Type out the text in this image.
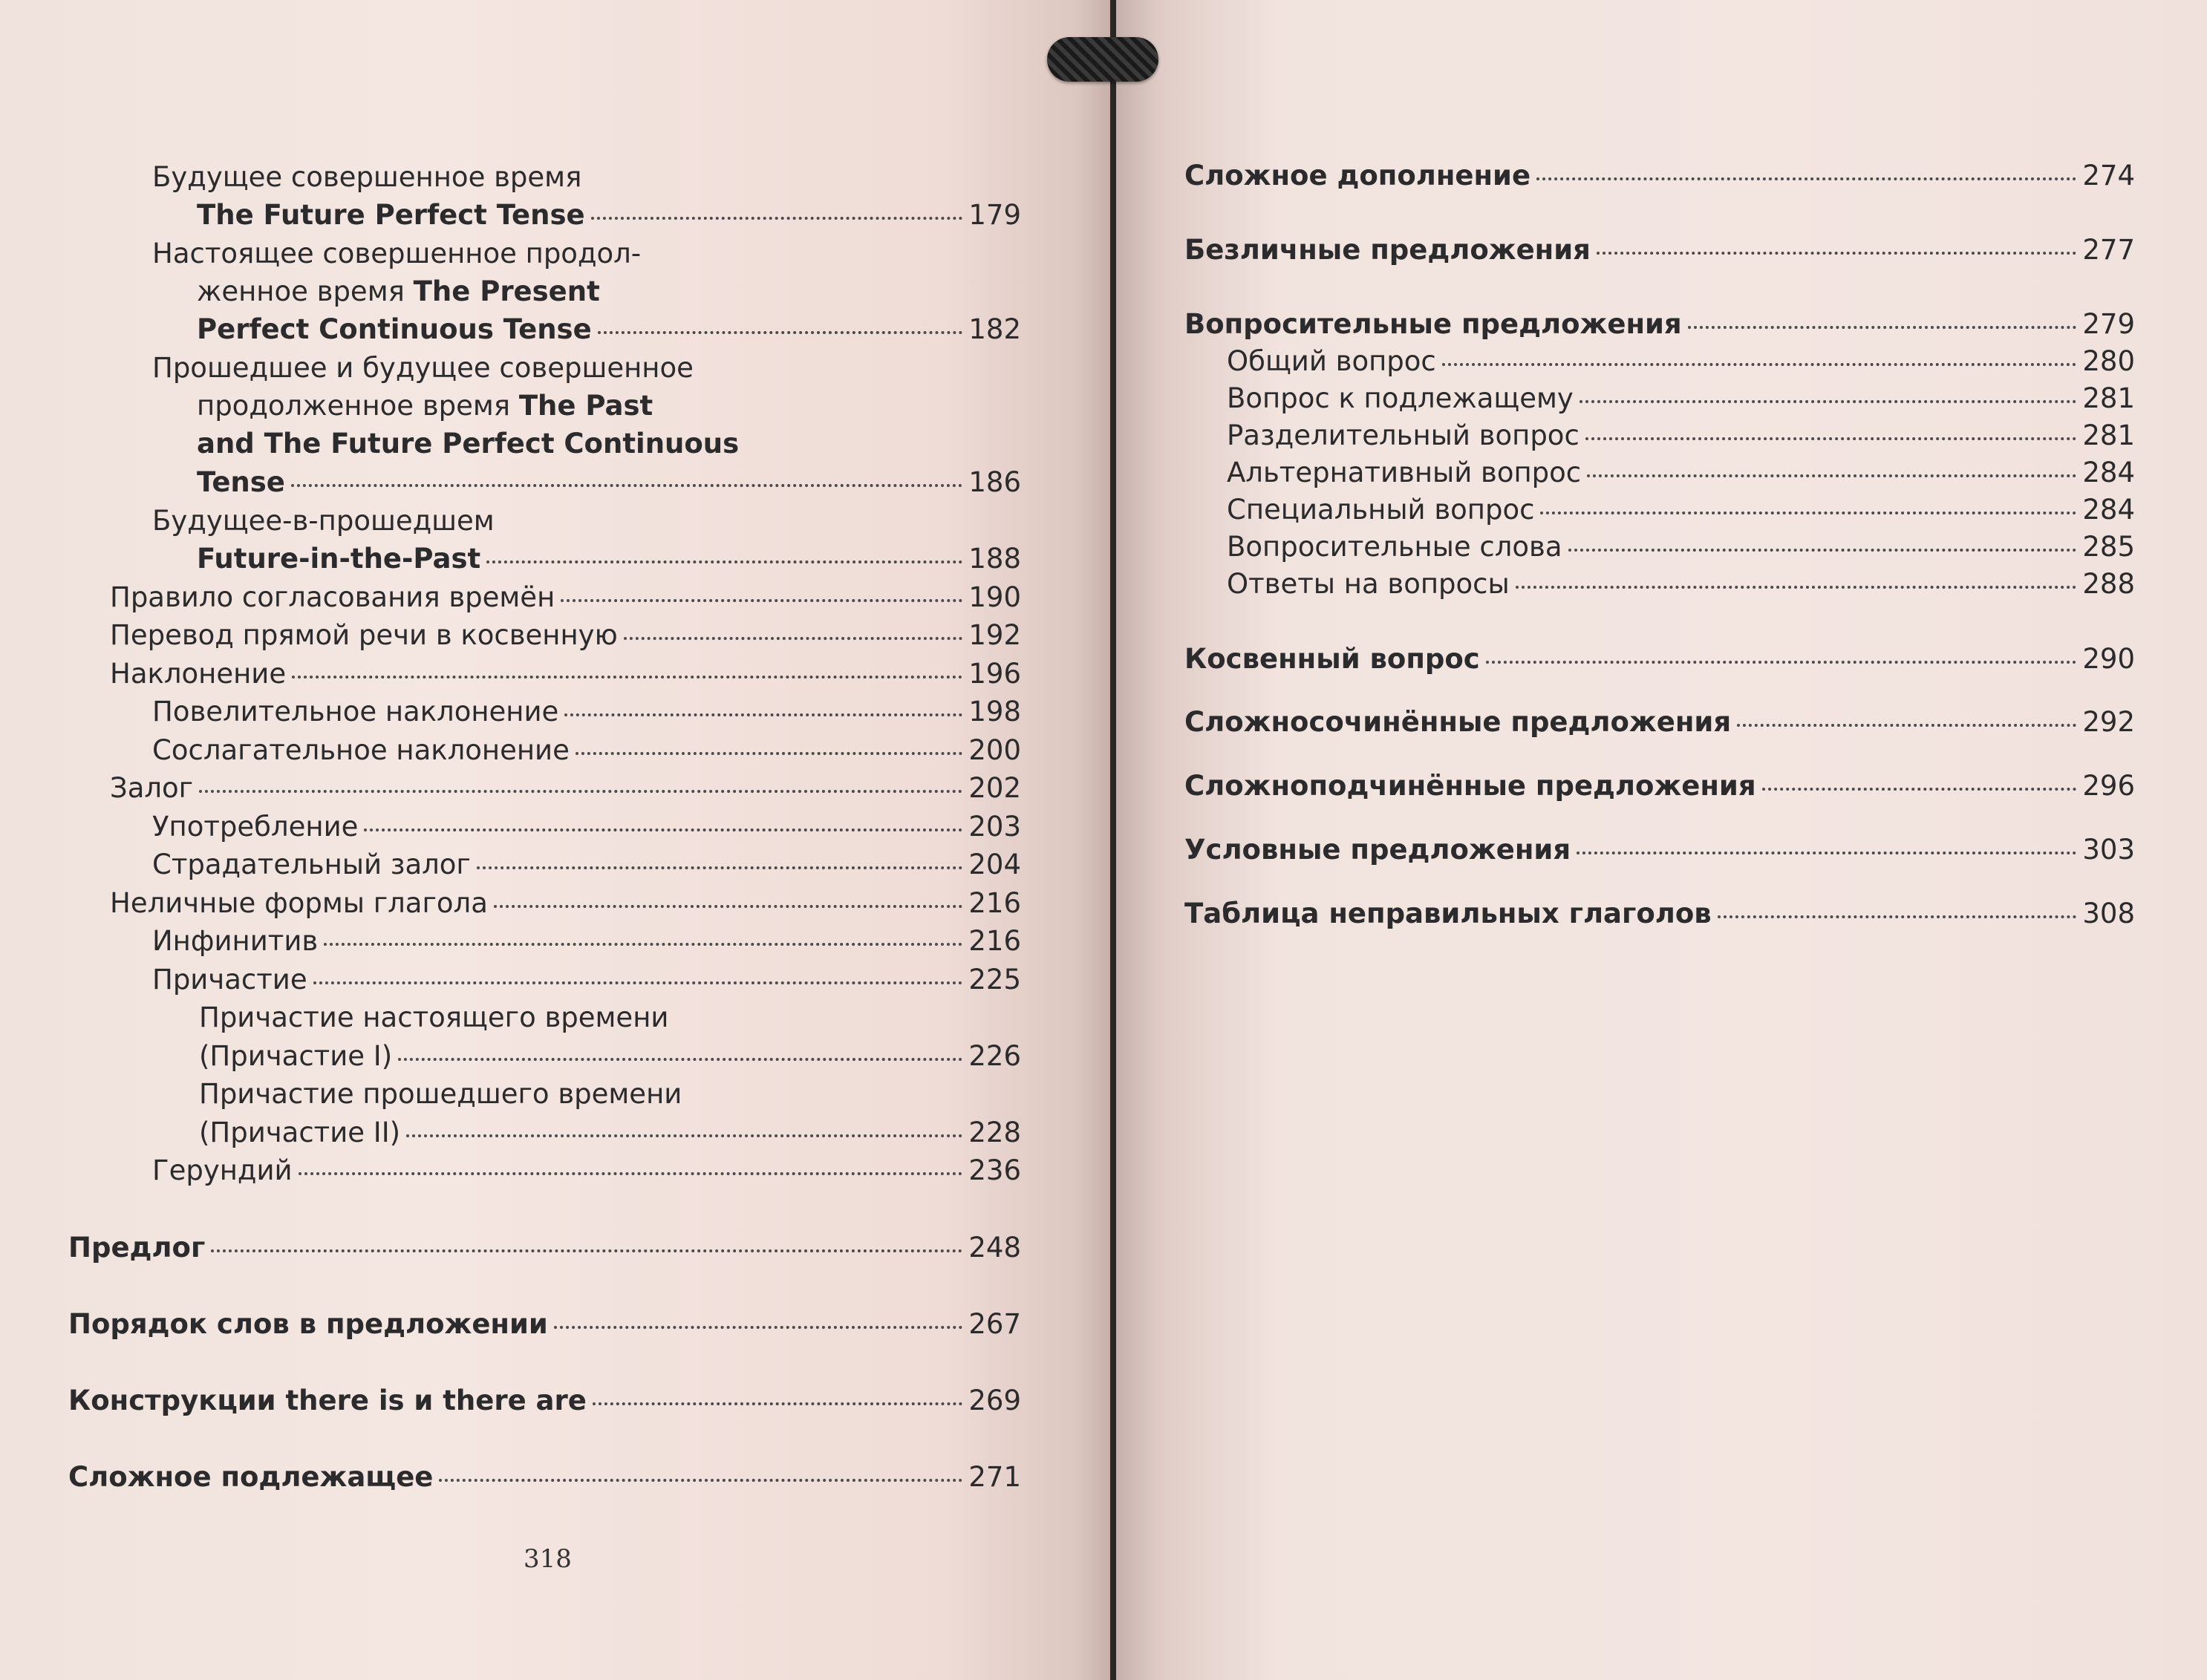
Будущее совершенное время
The Future Perfect Tense	179
Настоящее совершенное продол-
женное время The Present
Perfect Continuous Tense	182
Прошедшее и будущее совершенное
продолженное время The Past
and The Future Perfect Continuous
Tense	186
Будущее-в-прошедшем
Future-in-the-Past	188
Правило согласования времён	190
Перевод прямой речи в косвенную	192
Наклонение	196
Повелительное наклонение	198
Сослагательное наклонение	200
Залог	202
Употребление	203
Страдательный залог	204
Неличные формы глагола	216
Инфинитив	216
Причастие	225
Причастие настоящего времени
(Причастие I)	226
Причастие прошедшего времени
(Причастие II)	228
Герундий	236
Предлог	248
Порядок слов в предложении	267
Конструкции there is и there are	269
Сложное подлежащее	271
318
Сложное дополнение	274
Безличные предложения	277
Вопросительные предложения	279
Общий вопрос	280
Вопрос к подлежащему	281
Разделительный вопрос	281
Альтернативный вопрос	284
Специальный вопрос	284
Вопросительные слова	285
Ответы на вопросы	288
Косвенный вопрос	290
Сложносочинённые предложения	292
Сложноподчинённые предложения	296
Условные предложения	303
Таблица неправильных глаголов	308
